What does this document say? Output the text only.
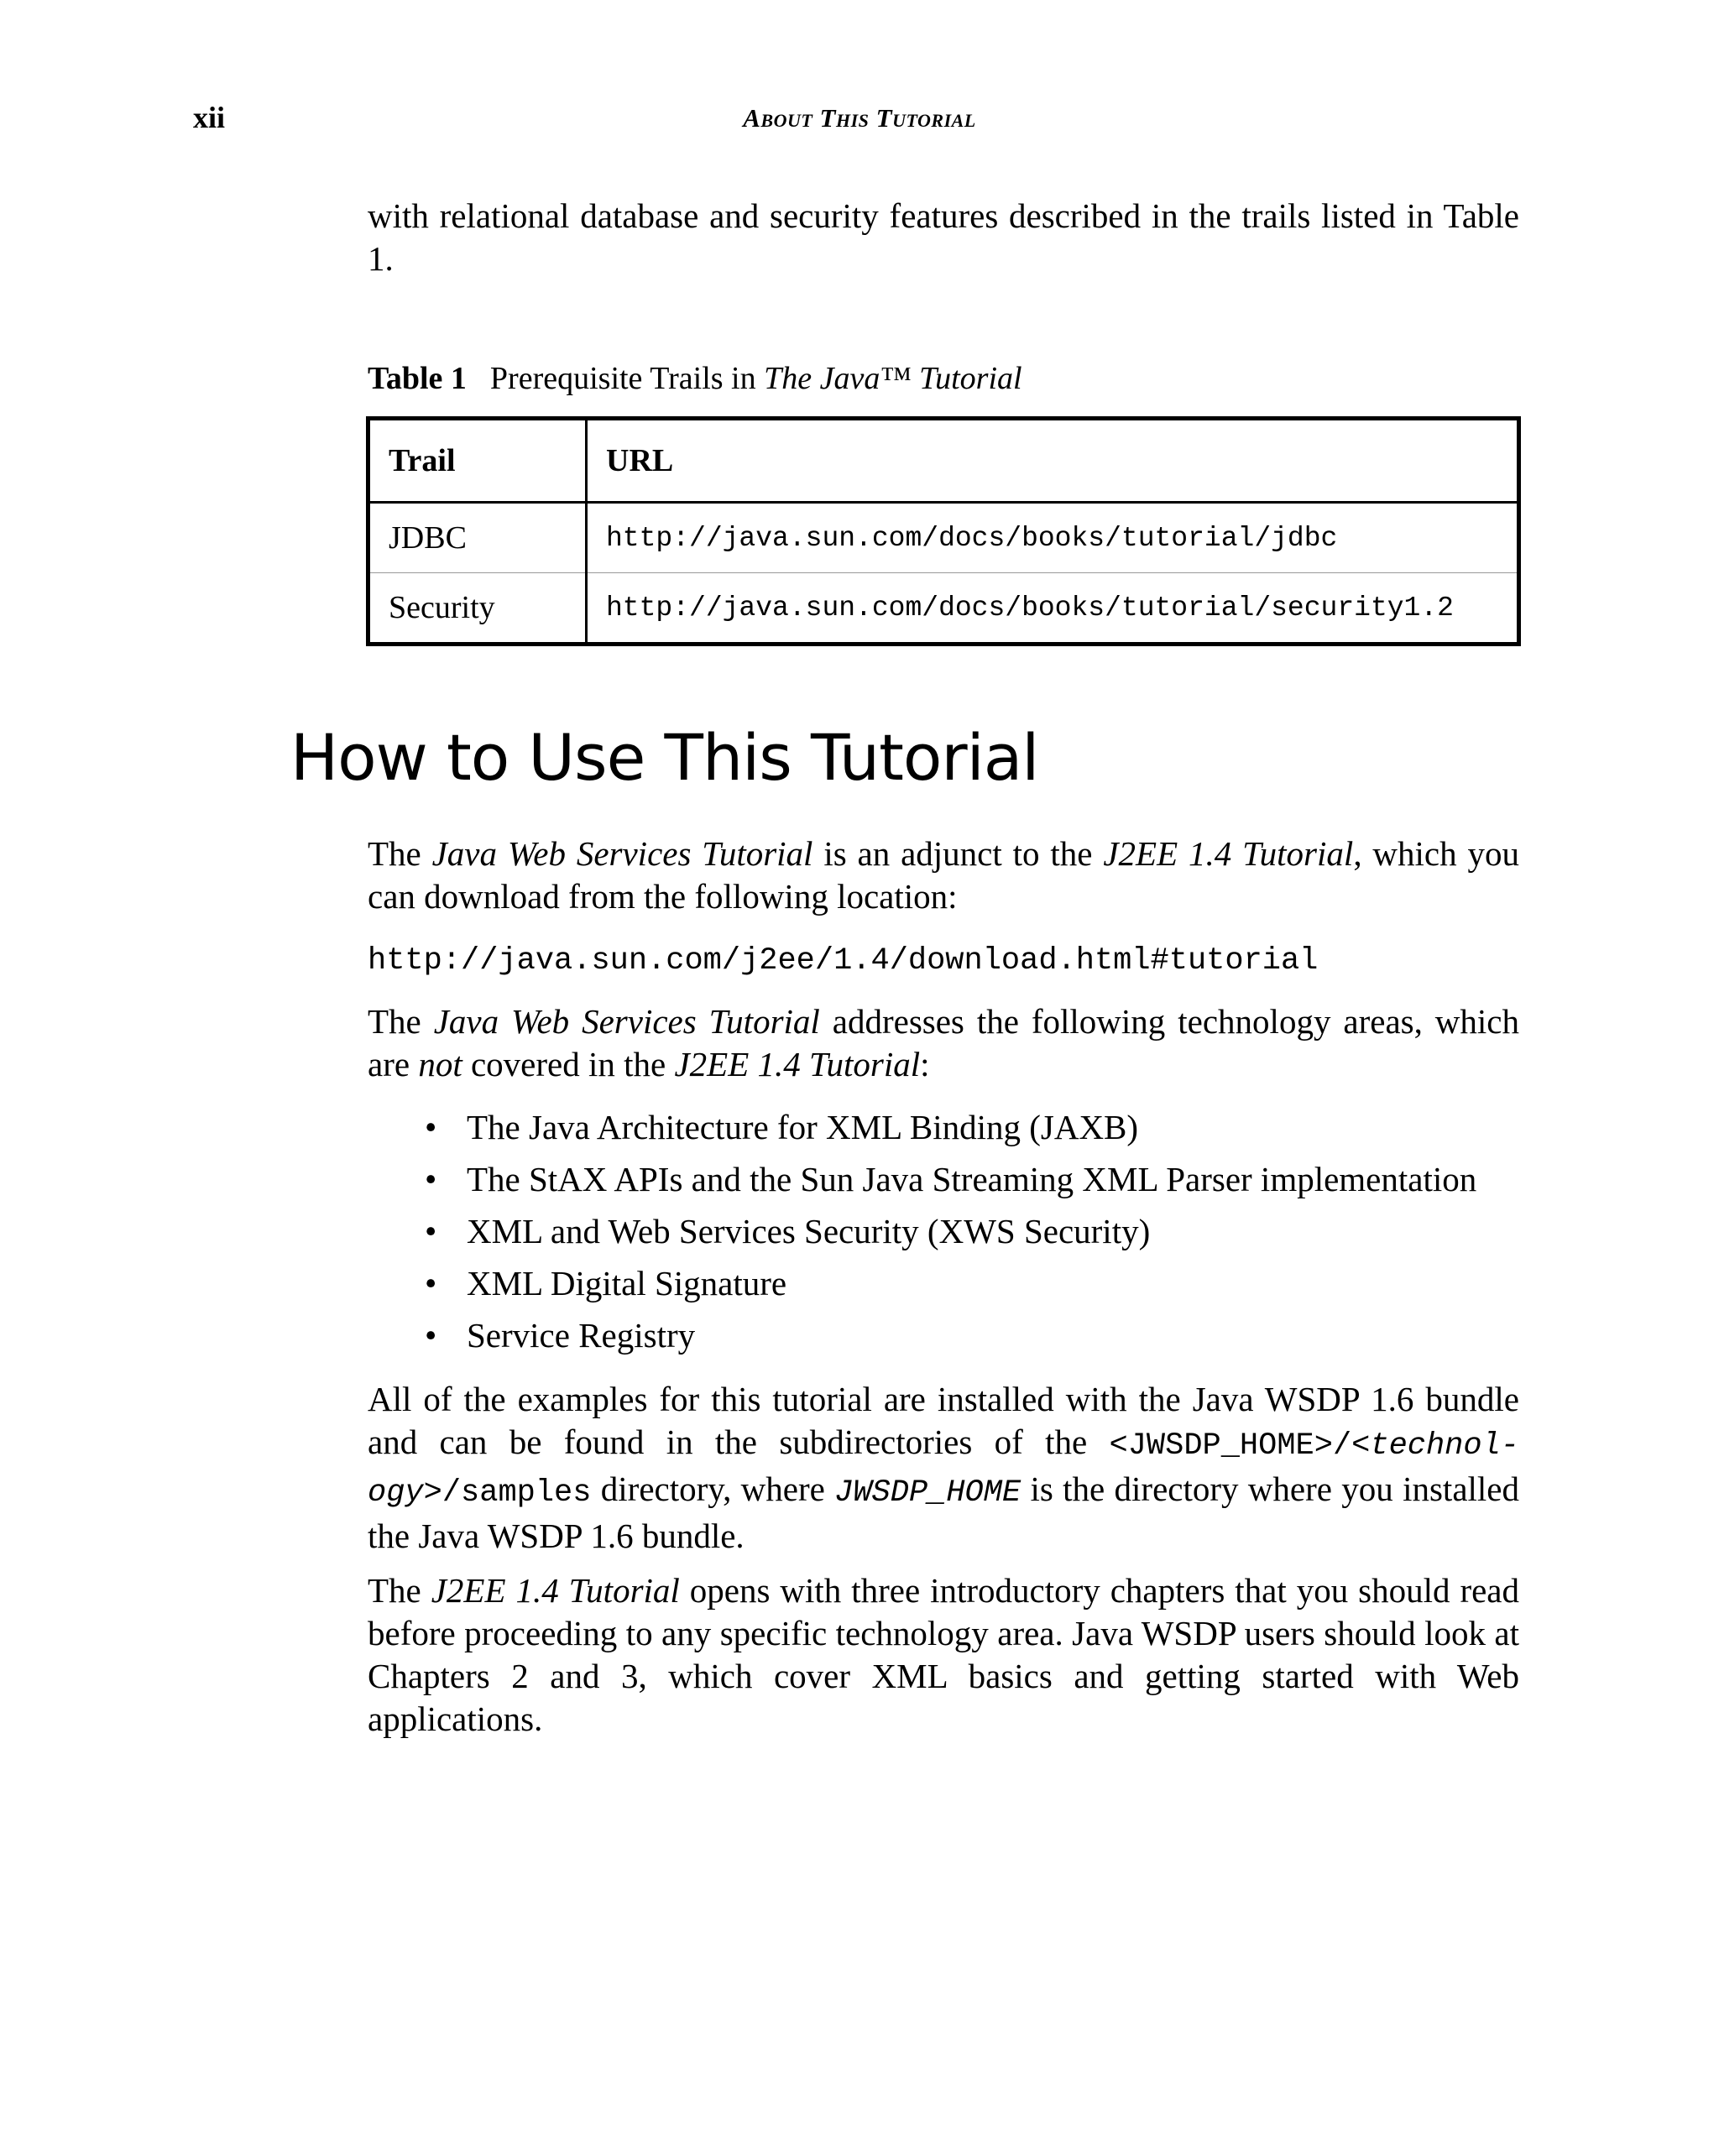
xii	About This Tutorial

with relational database and security features described in the trails listed in Table 1.

Table 1 Prerequisite Trails in The Java™ Tutorial
Trail	URL
JDBC	http://java.sun.com/docs/books/tutorial/jdbc
Security	http://java.sun.com/docs/books/tutorial/security1.2
How to Use This Tutorial

The Java Web Services Tutorial is an adjunct to the J2EE 1.4 Tutorial, which you can download from the following location:

http://java.sun.com/j2ee/1.4/download.html#tutorial

The Java Web Services Tutorial addresses the following technology areas, which are not covered in the J2EE 1.4 Tutorial:

• The Java Architecture for XML Binding (JAXB)
• The StAX APIs and the Sun Java Streaming XML Parser implementation
• XML and Web Services Security (XWS Security)
• XML Digital Signature
• Service Registry

All of the examples for this tutorial are installed with the Java WSDP 1.6 bundle and can be found in the subdirectories of the <JWSDP_HOME>/<technol-ogy>/samples directory, where JWSDP_HOME is the directory where you installed the Java WSDP 1.6 bundle.

The J2EE 1.4 Tutorial opens with three introductory chapters that you should read before proceeding to any specific technology area. Java WSDP users should look at Chapters 2 and 3, which cover XML basics and getting started with Web applications.
